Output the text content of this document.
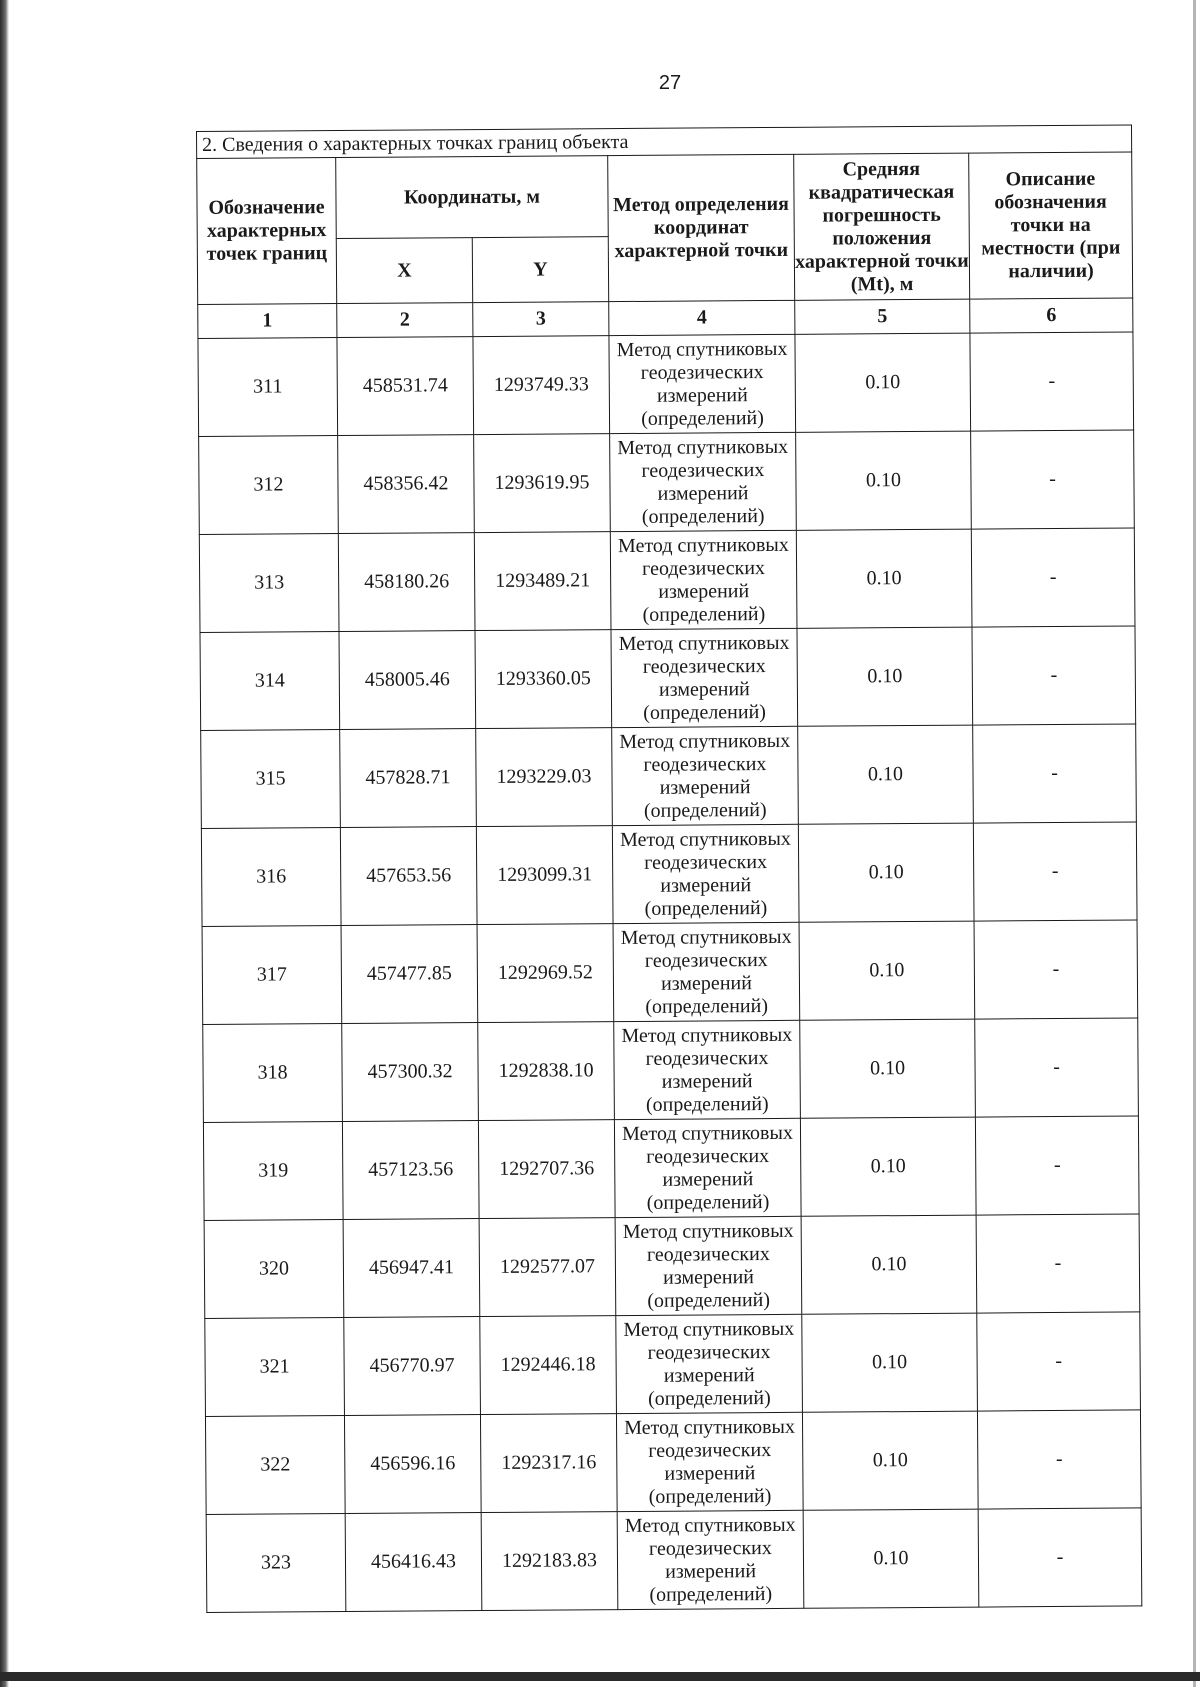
27
2. Сведения о характерных точках границ объекта					
Обозначение характерных точек границ	Координаты, м		Метод определения координат характерной точки	Средняя квадратическая погрешность положения характерной точки (Mt), м	Описание обозначения точки на местности (при наличии)
	X	Y			
1	2	3	4	5	6
311	458531.74	1293749.33	Метод спутниковых геодезических измерений (определений)	0.10	-
312	458356.42	1293619.95	Метод спутниковых геодезических измерений (определений)	0.10	-
313	458180.26	1293489.21	Метод спутниковых геодезических измерений (определений)	0.10	-
314	458005.46	1293360.05	Метод спутниковых геодезических измерений (определений)	0.10	-
315	457828.71	1293229.03	Метод спутниковых геодезических измерений (определений)	0.10	-
316	457653.56	1293099.31	Метод спутниковых геодезических измерений (определений)	0.10	-
317	457477.85	1292969.52	Метод спутниковых геодезических измерений (определений)	0.10	-
318	457300.32	1292838.10	Метод спутниковых геодезических измерений (определений)	0.10	-
319	457123.56	1292707.36	Метод спутниковых геодезических измерений (определений)	0.10	-
320	456947.41	1292577.07	Метод спутниковых геодезических измерений (определений)	0.10	-
321	456770.97	1292446.18	Метод спутниковых геодезических измерений (определений)	0.10	-
322	456596.16	1292317.16	Метод спутниковых геодезических измерений (определений)	0.10	-
323	456416.43	1292183.83	Метод спутниковых геодезических измерений (определений)	0.10	-
